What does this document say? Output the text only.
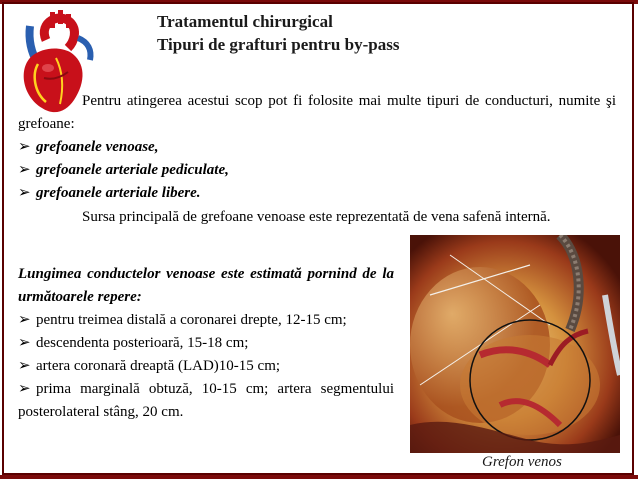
Tratamentul chirurgical
Tipuri de grafturi pentru by-pass
Pentru atingerea acestui scop pot fi folosite mai multe tipuri de conducturi, numite şi grefoane:
➢ grefoanele venoase,
➢ grefoanele arteriale pediculate,
➢ grefoanele arteriale libere.
Sursa principală de grefoane venoase este reprezentată de vena safenă internă.
Lungimea conductelor venoase este estimată pornind de la următoarele repere:
➢ pentru treimea distală a coronarei drepte, 12-15 cm;
➢ descendenta posterioară, 15-18 cm;
➢ artera coronară dreaptă (LAD)10-15 cm;
➢ prima marginală obtuză, 10-15 cm; artera segmentului posterolateral stâng, 20 cm.
Grefon venos
